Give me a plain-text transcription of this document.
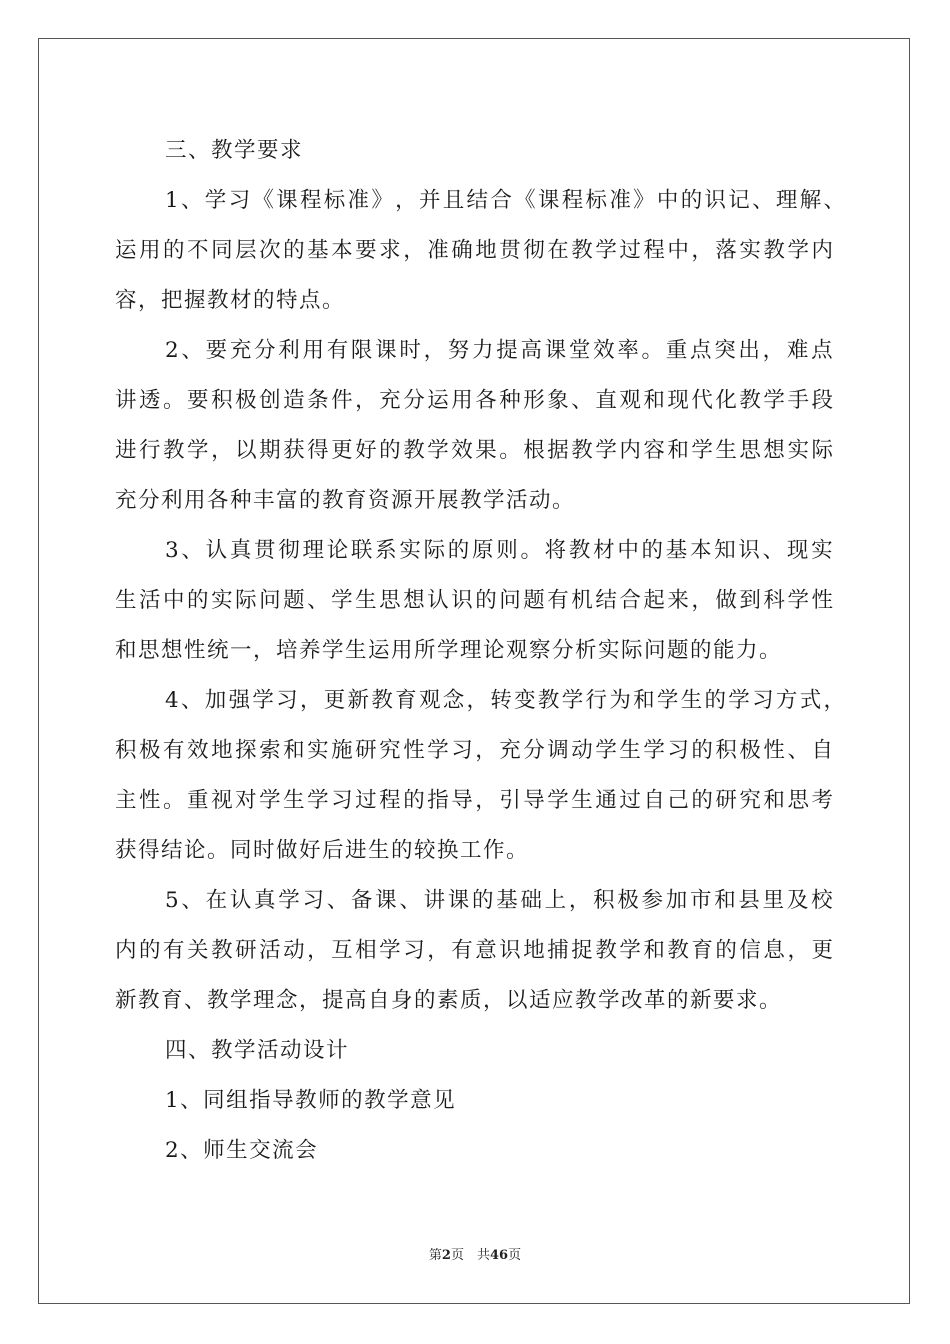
三、教学要求
1 、 学 习 《 课 程 标 准 》 ， 并 且 结 合 《 课 程 标 准 》 中 的 识 记 、 理 解 、
运 用 的 不 同 层 次 的 基 本 要 求 ， 准 确 地 贯 彻 在 教 学 过 程 中 ， 落 实 教 学 内
容，把握教材的特点。
2 、 要 充 分 利 用 有 限 课 时 ， 努 力 提 高 课 堂 效 率 。 重 点 突 出 ， 难 点
讲 透 。 要 积 极 创 造 条 件 ， 充 分 运 用 各 种 形 象 、 直 观 和 现 代 化 教 学 手 段
进 行 教 学 ， 以 期 获 得 更 好 的 教 学 效 果 。 根 据 教 学 内 容 和 学 生 思 想 实 际
充分利用各种丰富的教育资源开展教学活动。
3 、 认 真 贯 彻 理 论 联 系 实 际 的 原 则 。 将 教 材 中 的 基 本 知 识 、 现 实
生 活 中 的 实 际 问 题 、 学 生 思 想 认 识 的 问 题 有 机 结 合 起 来 ， 做 到 科 学 性
和思想性统一，培养学生运用所学理论观察分析实际问题的能力。
4 、 加 强 学 习 ， 更 新 教 育 观 念 ， 转 变 教 学 行 为 和 学 生 的 学 习 方 式 ，
积 极 有 效 地 探 索 和 实 施 研 究 性 学 习 ， 充 分 调 动 学 生 学 习 的 积 极 性 、 自
主 性 。 重 视 对 学 生 学 习 过 程 的 指 导 ， 引 导 学 生 通 过 自 己 的 研 究 和 思 考
获得结论。同时做好后进生的较换工作。
5 、 在 认 真 学 习 、 备 课 、 讲 课 的 基 础 上 ， 积 极 参 加 市 和 县 里 及 校
内 的 有 关 教 研 活 动 ， 互 相 学 习 ， 有 意 识 地 捕 捉 教 学 和 教 育 的 信 息 ， 更
新教育、教学理念，提高自身的素质，以适应教学改革的新要求。
四、教学活动设计
1、同组指导教师的教学意见
2、师生交流会
第2页　共46页
